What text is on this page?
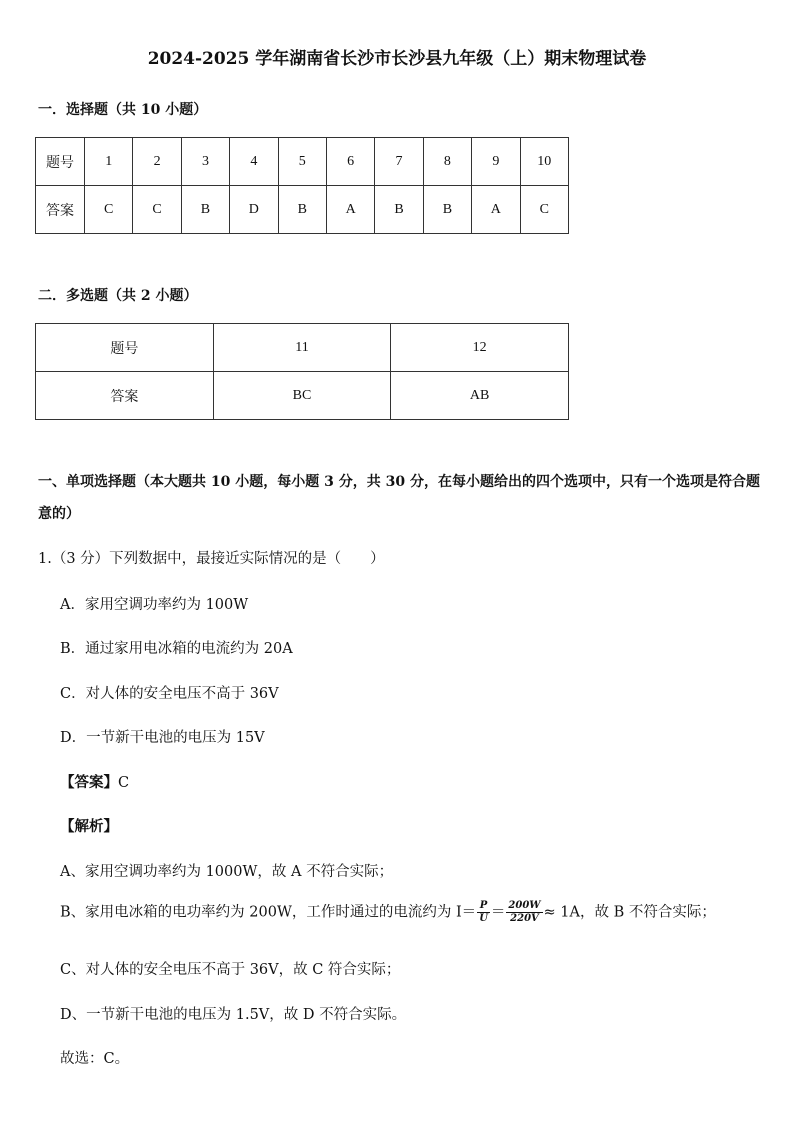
2024-2025 学年湖南省长沙市长沙县九年级（上）期末物理试卷
一．选择题（共 10 小题）
题号	1	2	3	4	5	6	7	8	9	10
答案	C	C	B	D	B	A	B	B	A	C
二．多选题（共 2 小题）
题号	11	12
答案	BC	AB
一、单项选择题（本大题共 10 小题，每小题 3 分，共 30 分，在每小题给出的四个选项中，只有一个选项是符合题意的）
1.（3 分）下列数据中，最接近实际情况的是（　　）
A．家用空调功率约为 100W
B．通过家用电冰箱的电流约为 20A
C．对人体的安全电压不高于 36V
D．一节新干电池的电压为 15V
【答案】C
【解析】
A、家用空调功率约为 1000W，故 A 不符合实际；
B、家用电冰箱的电功率约为 200W，工作时通过的电流约为 $I= \frac{P}{U} = \frac{200W}{220V} \approx 1A$，故 B 不符合实际；
C、对人体的安全电压不高于 36V，故 C 符合实际；
D、一节新干电池的电压为 1.5V，故 D 不符合实际。
故选：C。
